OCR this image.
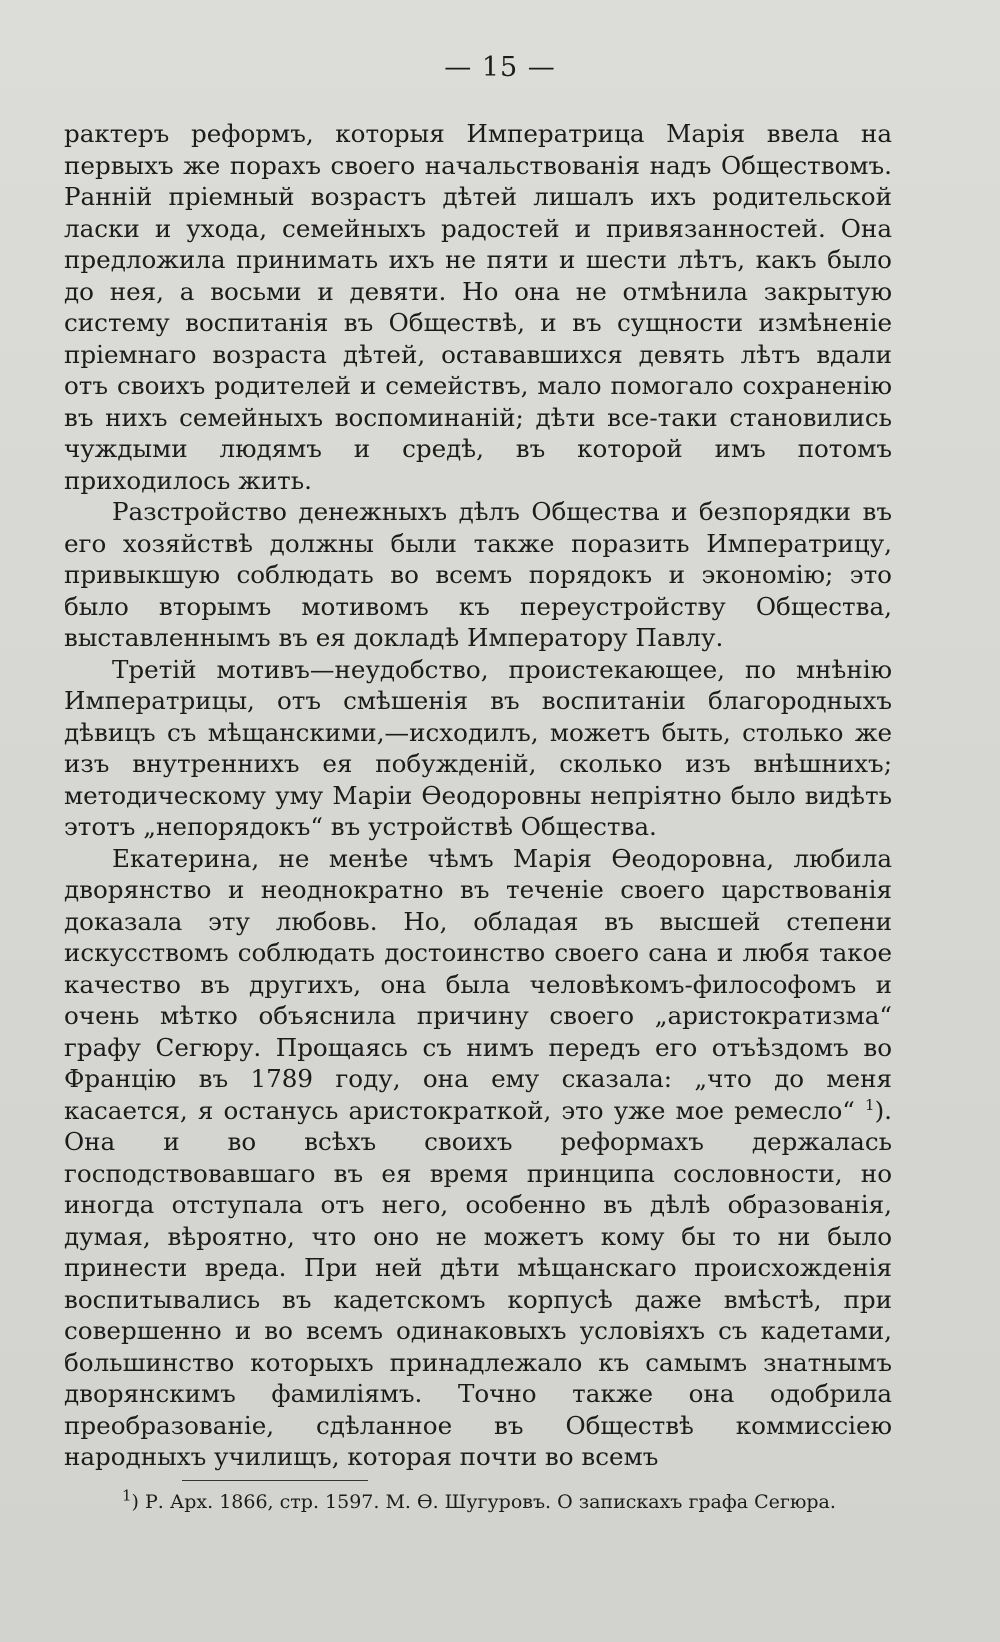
— 15 —

рактеръ реформъ, которыя Императрица Марія ввела на первыхъ же порахъ своего начальствованія надъ Обществомъ. Ранній пріемный возрастъ дѣтей лишалъ ихъ родительской ласки и ухода, семейныхъ радостей и привязанностей. Она предложила принимать ихъ не пяти и шести лѣтъ, какъ было до нея, а восьми и девяти. Но она не отмѣнила закрытую систему воспитанія въ Обществѣ, и въ сущности измѣненіе пріемнаго возраста дѣтей, остававшихся девять лѣтъ вдали отъ своихъ родителей и семействъ, мало помогало сохраненію въ нихъ семейныхъ воспоминаній; дѣти все-таки становились чуждыми людямъ и средѣ, въ которой имъ потомъ приходилось жить.

Разстройство денежныхъ дѣлъ Общества и безпорядки въ его хозяйствѣ должны были также поразить Императрицу, привыкшую соблюдать во всемъ порядокъ и экономію; это было вторымъ мотивомъ къ переустройству Общества, выставленнымъ въ ея докладѣ Императору Павлу.

Третій мотивъ—неудобство, проистекающее, по мнѣнію Императрицы, отъ смѣшенія въ воспитаніи благородныхъ дѣвицъ съ мѣщанскими,—исходилъ, можетъ быть, столько же изъ внутреннихъ ея побужденій, сколько изъ внѣшнихъ; методическому уму Маріи Ѳеодоровны непріятно было видѣть этотъ „непорядокъ“ въ устройствѣ Общества.

Екатерина, не менѣе чѣмъ Марія Ѳеодоровна, любила дворянство и неоднократно въ теченіе своего царствованія доказала эту любовь. Но, обладая въ высшей степени искусствомъ соблюдать достоинство своего сана и любя такое качество въ другихъ, она была человѣкомъ-философомъ и очень мѣтко объяснила причину своего „аристократизма“ графу Сегюру. Прощаясь съ нимъ передъ его отъѣздомъ во Францію въ 1789 году, она ему сказала: „что до меня касается, я останусь аристократкой, это уже мое ремесло“ $^1$). Она и во всѣхъ своихъ реформахъ держалась господствовавшаго въ ея время принципа сословности, но иногда отступала отъ него, особенно въ дѣлѣ образованія, думая, вѣроятно, что оно не можетъ кому бы то ни было принести вреда. При ней дѣти мѣщанскаго происхожденія воспитывались въ кадетскомъ корпусѣ даже вмѣстѣ, при совершенно и во всемъ одинаковыхъ условіяхъ съ кадетами, большинство которыхъ принадлежало къ самымъ знатнымъ дворянскимъ фамиліямъ. Точно также она одобрила преобразованіе, сдѣланное въ Обществѣ коммиссіею народныхъ училищъ, которая почти во всемъ

$^1$) Р. Арх. 1866, стр. 1597. М. Ѳ. Шугуровъ. О запискахъ графа Сегюра.
